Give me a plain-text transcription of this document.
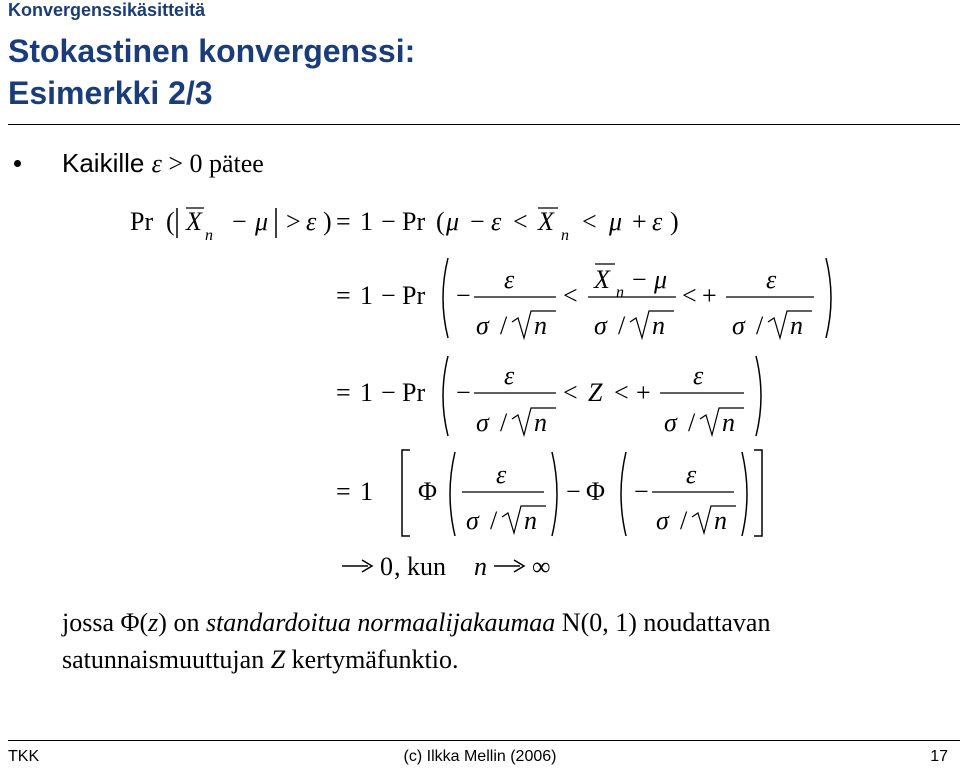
Konvergenssikäsitteitä
Stokastinen konvergenssi:
Esimerkki 2/3
Kaikille ε > 0 pätee
Pr ( X n − μ > ε ) = 1 − Pr ( μ − ε < X n < μ + ε )
= 1 − Pr −
ε
σ / n
<
X n − μ
σ / n
< +
ε
σ / n
= 1 − Pr −
ε
σ / n
< Z < +
ε
σ / n
= 1 Φ
ε
σ / n
− Φ −
ε
σ / n
0 , kun n ∞
jossa Φ(z) on standardoitua normaalijakaumaa N(0, 1) noudattavan
satunnaismuuttujan Z kertymäfunktio.
TKK	(c) Ilkka Mellin (2006)	17
